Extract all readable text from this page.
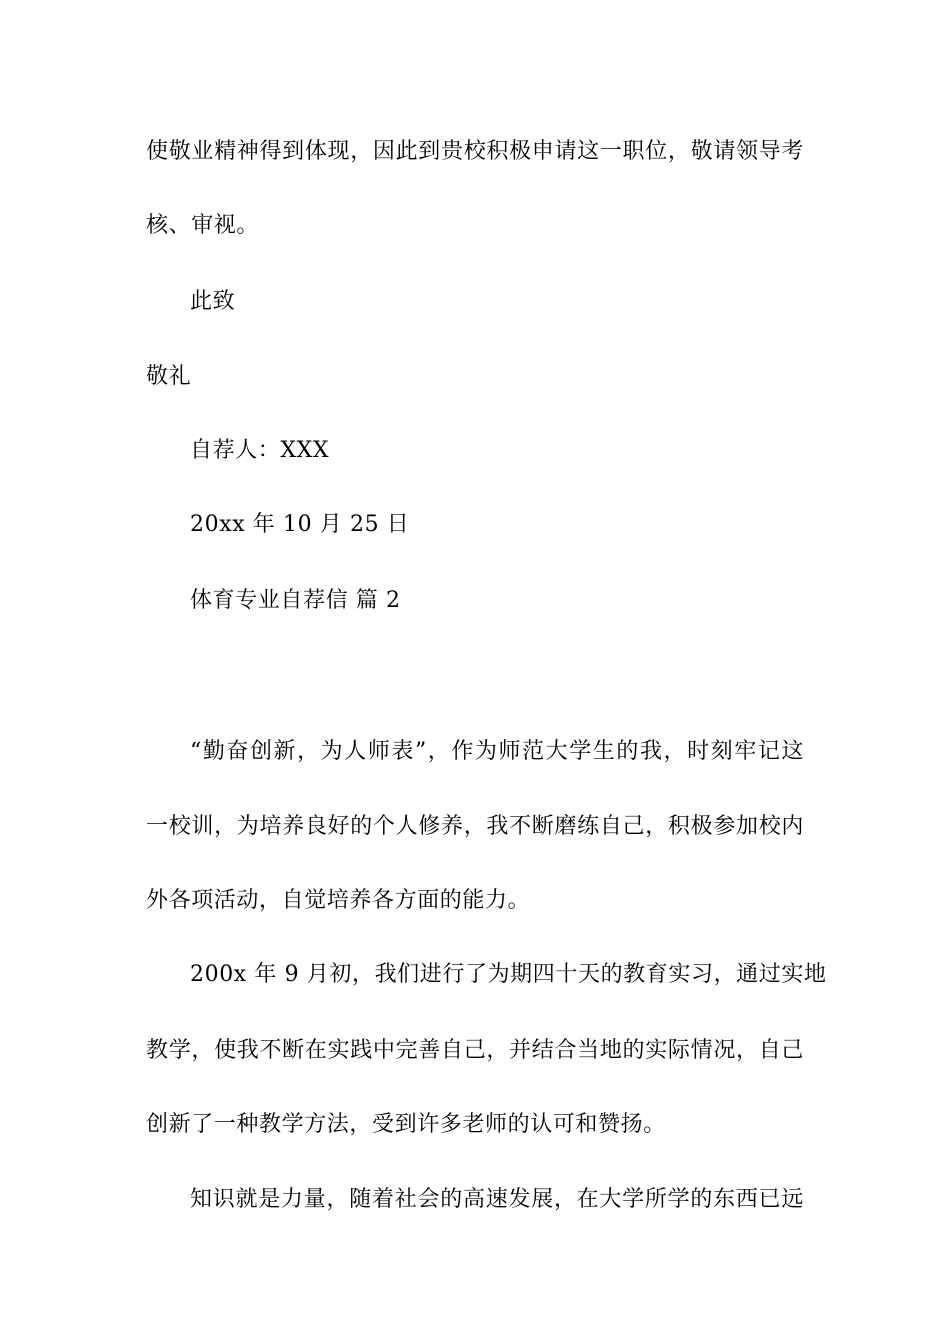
使敬业精神得到体现，因此到贵校积极申请这一职位，敬请领导考
核、审视。
此致
敬礼
自荐人：XXX
20xx 年 10 月 25 日
体育专业自荐信 篇 2
“勤奋创新，为人师表”，作为师范大学生的我，时刻牢记这
一校训，为培养良好的个人修养，我不断磨练自己，积极参加校内
外各项活动，自觉培养各方面的能力。
200x 年 9 月初，我们进行了为期四十天的教育实习，通过实地
教学，使我不断在实践中完善自己，并结合当地的实际情况，自己
创新了一种教学方法，受到许多老师的认可和赞扬。
知识就是力量，随着社会的高速发展，在大学所学的东西已远
